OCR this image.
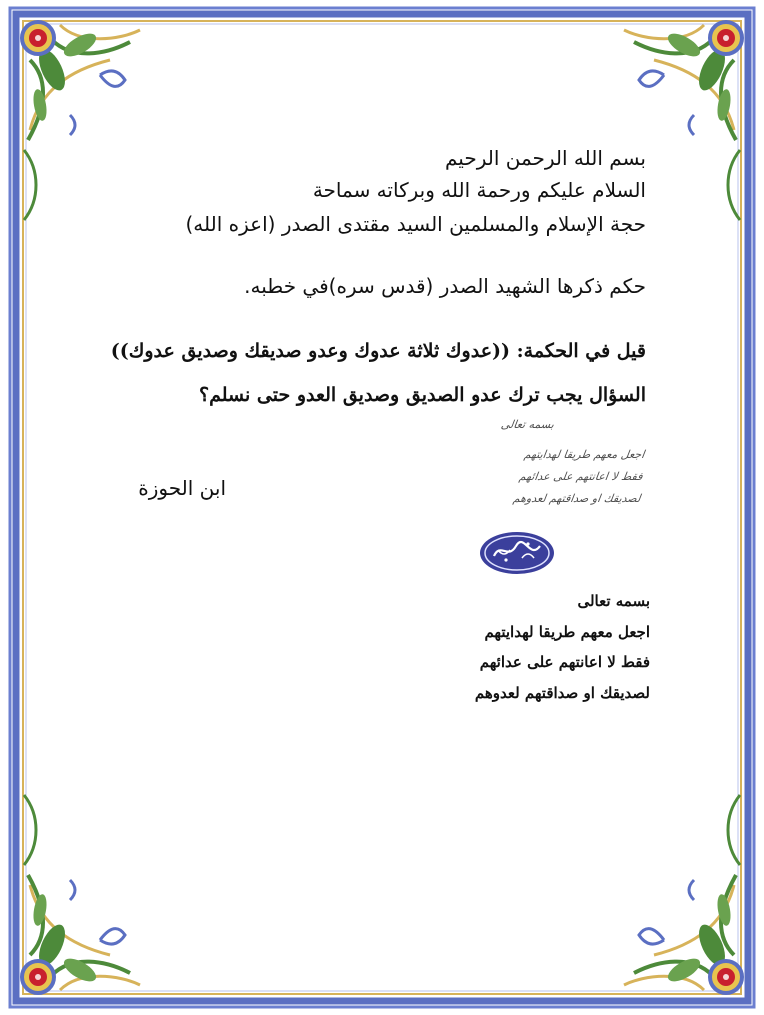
بسم الله الرحمن الرحيم
السلام عليكم ورحمة الله وبركاته سماحة
حجة الإسلام والمسلمين السيد مقتدى الصدر (اعزه الله)
حكم ذكرها الشهيد الصدر (قدس سره)في خطبه.
قيل في الحكمة: ((عدوك ثلاثة عدوك وعدو صديقك وصديق عدوك))
السؤال يجب ترك عدو الصديق وصديق العدو حتى نسلم؟
ابن الحوزة
بسمه تعالى
اجعل معهم طريقا لهدايتهم
فقط لا اعانتهم على عدائهم
لصديقك او صداقتهم لعدوهم
بسمه تعالى
اجعل معهم طريقا لهدايتهم
فقط لا اعانتهم على عدائهم
لصديقك او صداقتهم لعدوهم
